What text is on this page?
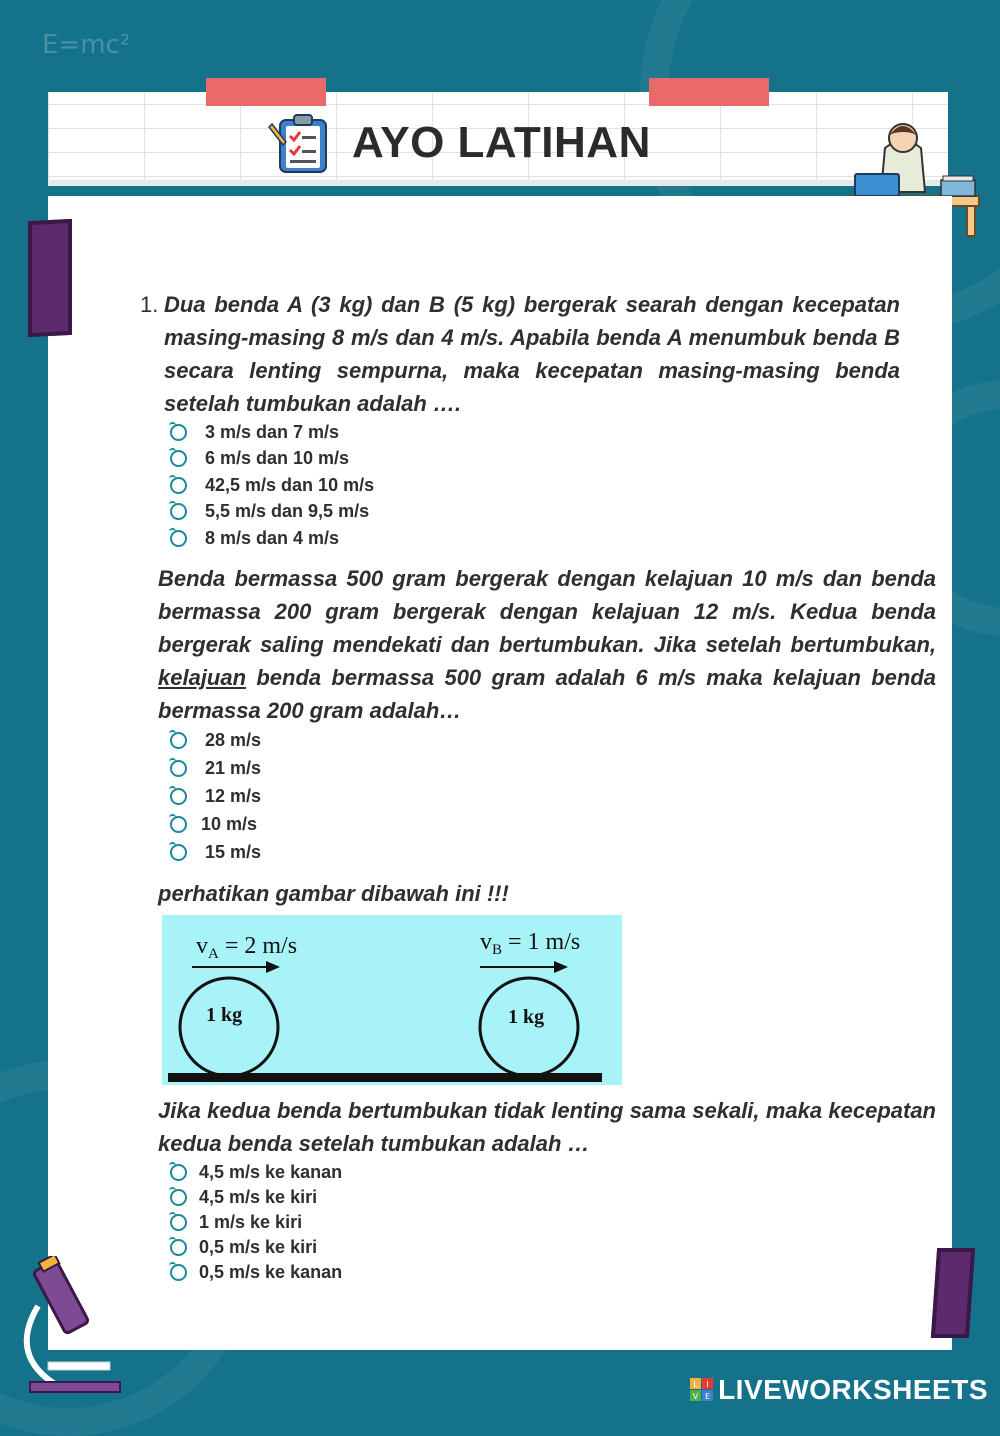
E=mc²
AYO LATIHAN
1. Dua benda A (3 kg) dan B (5 kg) bergerak searah dengan kecepatan masing-masing 8 m/s dan 4 m/s. Apabila benda A menumbuk benda B secara lenting sempurna, maka kecepatan masing-masing benda setelah tumbukan adalah ….
3 m/s dan 7 m/s
6 m/s dan 10 m/s
42,5 m/s dan 10 m/s
5,5 m/s dan 9,5 m/s
8 m/s dan 4 m/s
Benda bermassa 500 gram bergerak dengan kelajuan 10 m/s dan benda bermassa 200 gram bergerak dengan kelajuan 12 m/s. Kedua benda bergerak saling mendekati dan bertumbukan. Jika setelah bertumbukan, kelajuan benda bermassa 500 gram adalah 6 m/s maka kelajuan benda bermassa 200 gram adalah…
28 m/s
21 m/s
12 m/s
10 m/s
15 m/s
perhatikan gambar dibawah ini !!!
$v_A = 2$ m/s	$v_B = 1$ m/s
1 kg	1 kg
Jika kedua benda bertumbukan tidak lenting sama sekali, maka kecepatan kedua benda setelah tumbukan adalah …
4,5 m/s ke kanan
4,5 m/s ke kiri
1 m/s ke kiri
0,5 m/s ke kiri
0,5 m/s ke kanan
L I
V E LIVEWORKSHEETS
